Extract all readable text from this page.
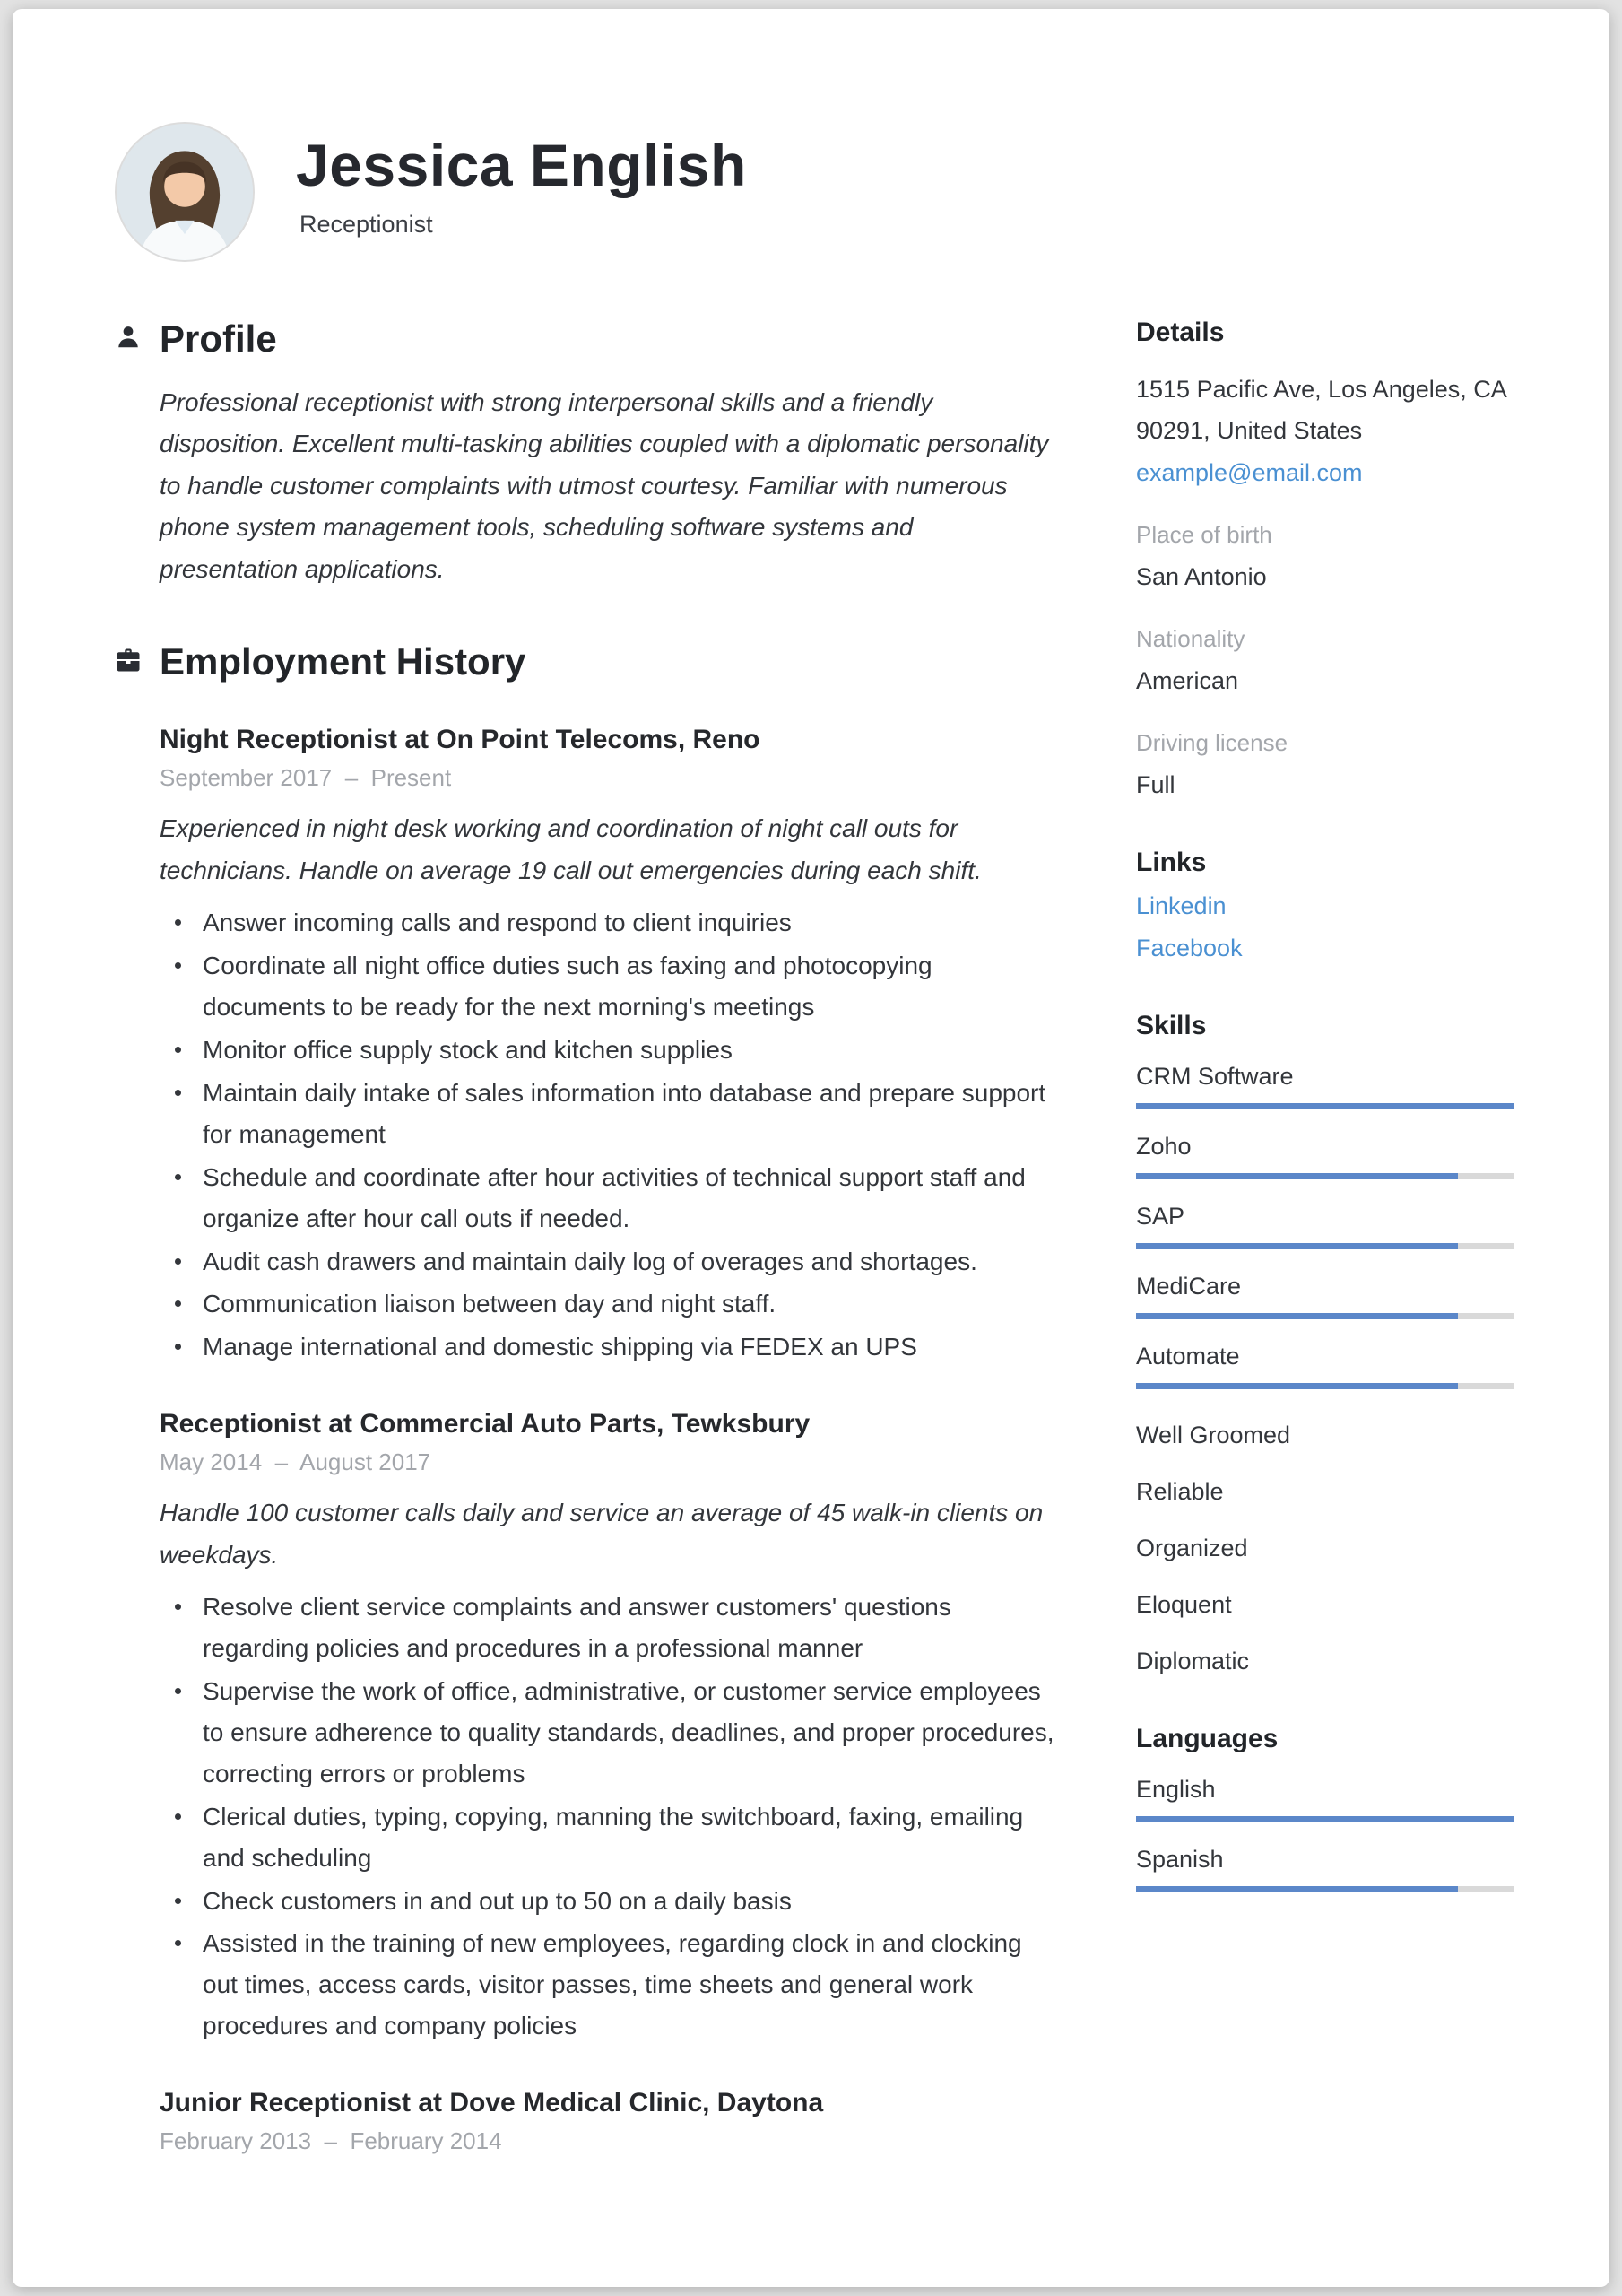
Jessica English
Receptionist
Profile

Professional receptionist with strong interpersonal skills and a friendly disposition. Excellent multi-tasking abilities coupled with a diplomatic personality to handle customer complaints with utmost courtesy. Familiar with numerous phone system management tools, scheduling software systems and presentation applications.

Employment History
Night Receptionist at On Point Telecoms, Reno
September 2017  –  Present

Experienced in night desk working and coordination of night call outs for technicians. Handle on average 19 call out emergencies during each shift.

Answer incoming calls and respond to client inquiries
Coordinate all night office duties such as faxing and photocopying documents to be ready for the next morning's meetings
Monitor office supply stock and kitchen supplies
Maintain daily intake of sales information into database and prepare support for management
Schedule and coordinate after hour activities of technical support staff and organize after hour call outs if needed.
Audit cash drawers and maintain daily log of overages and shortages.
Communication liaison between day and night staff.
Manage international and domestic shipping via FEDEX an UPS
Receptionist at Commercial Auto Parts, Tewksbury
May 2014  –  August 2017

Handle 100 customer calls daily and service an average of 45 walk-in clients on weekdays.

Resolve client service complaints and answer customers' questions regarding policies and procedures in a professional manner
Supervise the work of office, administrative, or customer service employees to ensure adherence to quality standards, deadlines, and proper procedures, correcting errors or problems
Clerical duties, typing, copying, manning the switchboard, faxing, emailing and scheduling
Check customers in and out up to 50 on a daily basis
Assisted in the training of new employees, regarding clock in and clocking out times, access cards, visitor passes, time sheets and general work procedures and company policies
Junior Receptionist at Dove Medical Clinic, Daytona
February 2013  –  February 2014
Details
1515 Pacific Ave, Los Angeles, CA
90291, United States
example@email.com
Place of birth
San Antonio
Nationality
American
Driving license
Full
Links
Linkedin
Facebook
Skills
CRM Software
Zoho
SAP
MediCare
Automate
Well Groomed
Reliable
Organized
Eloquent
Diplomatic
Languages
English
Spanish
